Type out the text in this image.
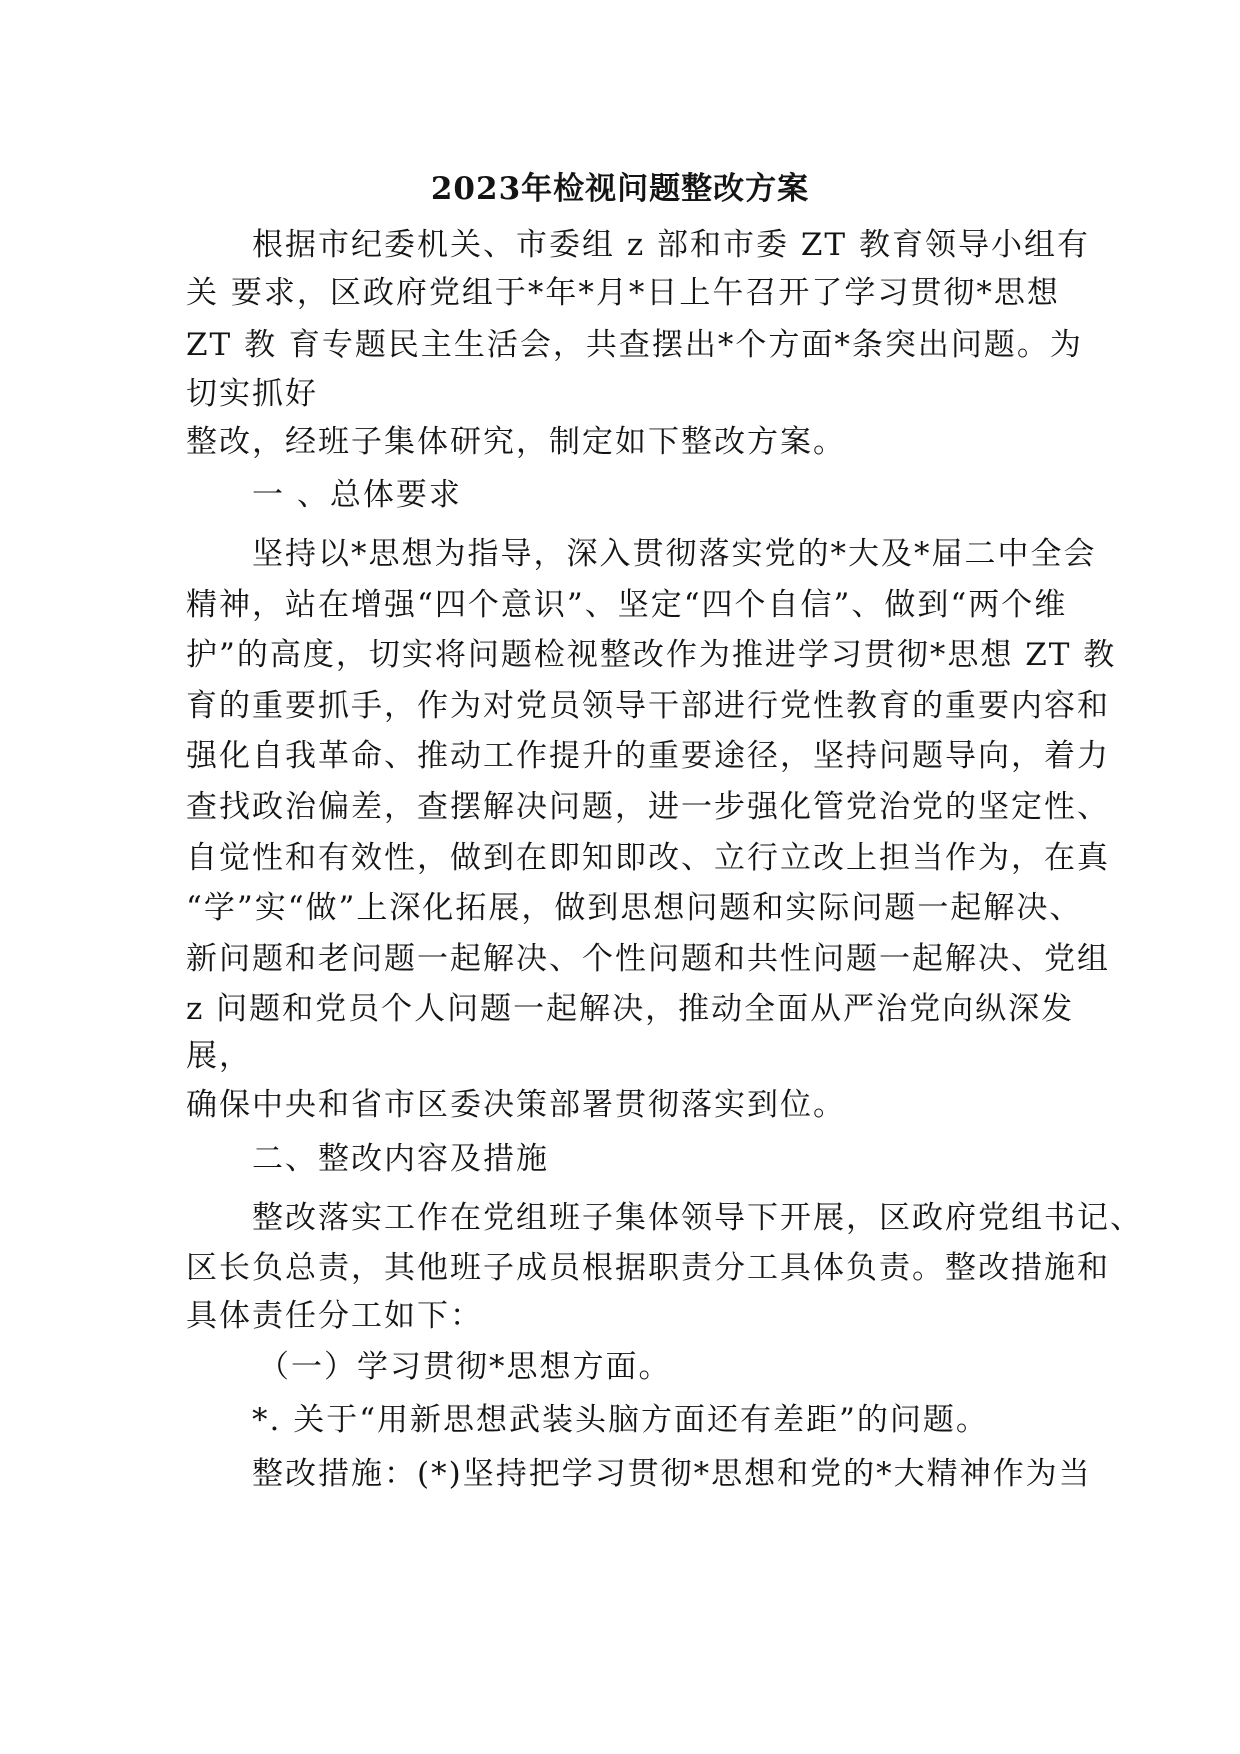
2023年检视问题整改方案
根据市纪委机关、市委组 z 部和市委 ZT 教育领导小组有
关 要求，区政府党组于*年*月*日上午召开了学习贯彻*思想
ZT 教 育专题民主生活会，共查摆出*个方面*条突出问题。为
切实抓好
整改，经班子集体研究，制定如下整改方案。
一 、总体要求
坚持以*思想为指导，深入贯彻落实党的*大及*届二中全会
精神，站在增强“四个意识”、坚定“四个自信”、做到“两个维
护”的高度，切实将问题检视整改作为推进学习贯彻*思想 ZT 教
育的重要抓手，作为对党员领导干部进行党性教育的重要内容和
强化自我革命、推动工作提升的重要途径，坚持问题导向，着力
查找政治偏差，查摆解决问题，进一步强化管党治党的坚定性、
自觉性和有效性，做到在即知即改、立行立改上担当作为，在真
“学”实“做”上深化拓展，做到思想问题和实际问题一起解决、
新问题和老问题一起解决、个性问题和共性问题一起解决、党组
z 问题和党员个人问题一起解决，推动全面从严治党向纵深发
展，
确保中央和省市区委决策部署贯彻落实到位。
二、整改内容及措施
整改落实工作在党组班子集体领导下开展，区政府党组书记、
区长负总责，其他班子成员根据职责分工具体负责。整改措施和
具体责任分工如下：
（一）学习贯彻*思想方面。
*. 关于“用新思想武装头脑方面还有差距”的问题。
整改措施：(*)坚持把学习贯彻*思想和党的*大精神作为当
